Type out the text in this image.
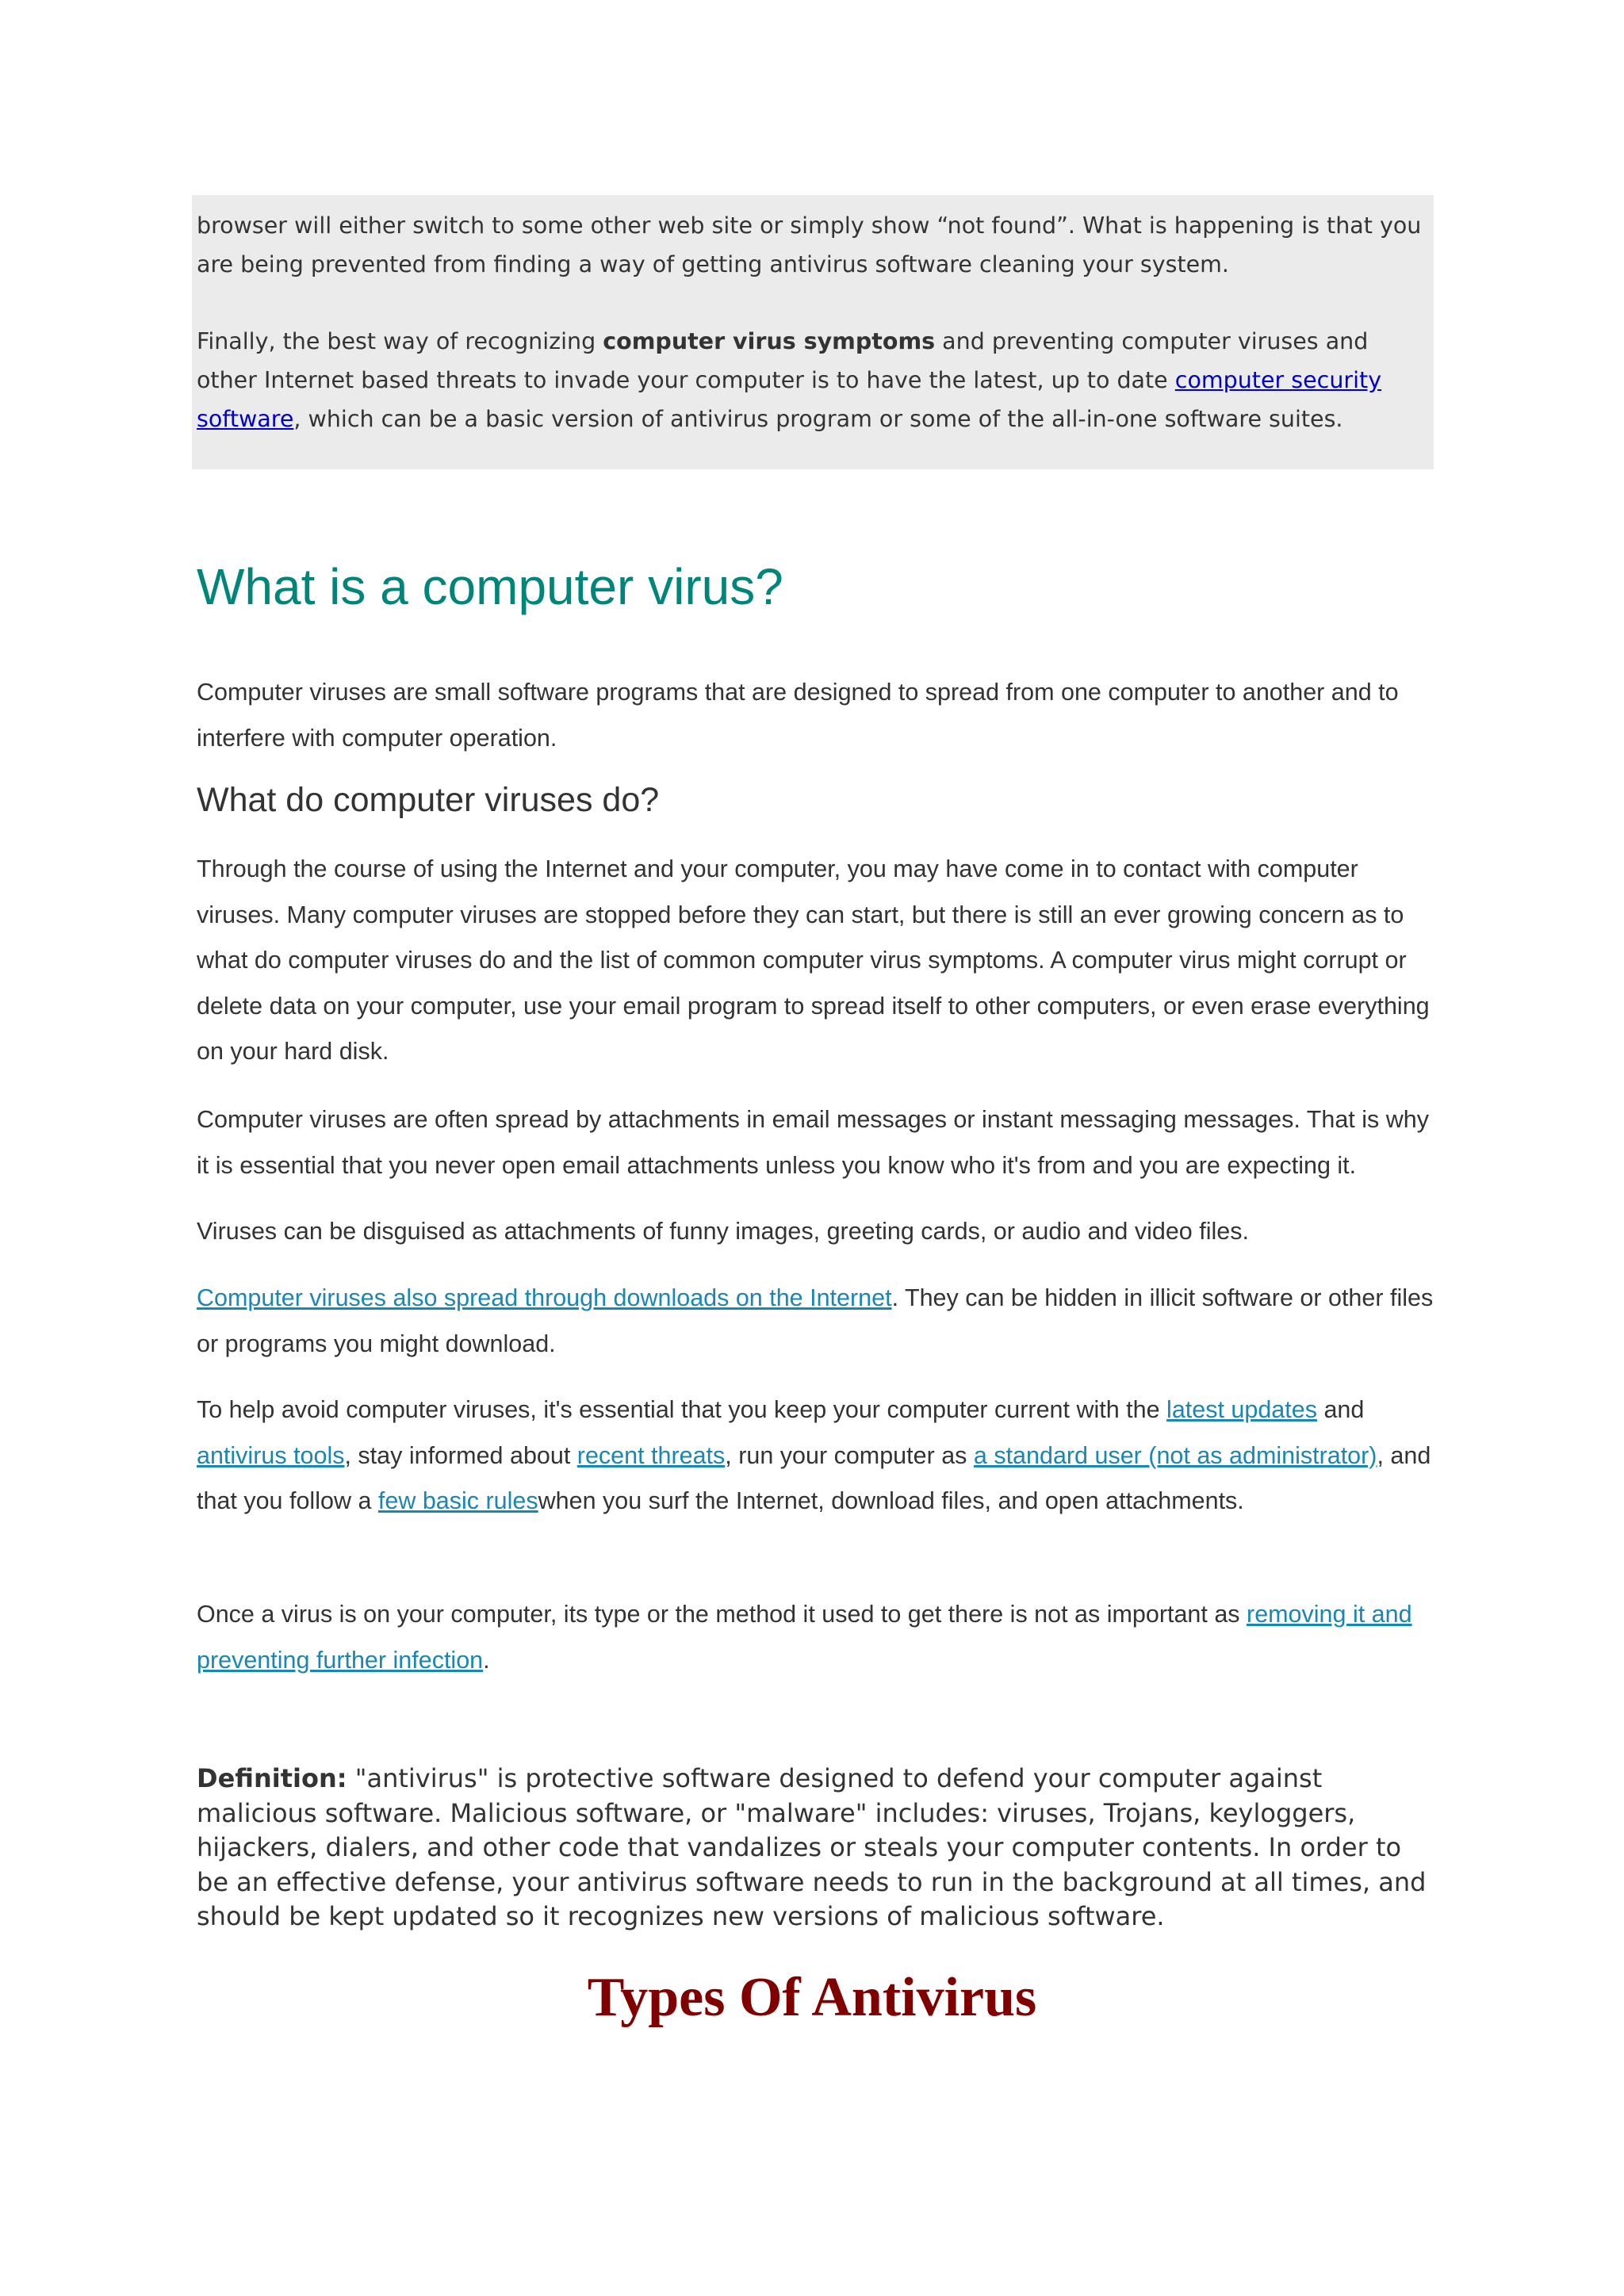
browser will either switch to some other web site or simply show “not found”. What is happening is that you are being prevented from finding a way of getting antivirus software cleaning your system.

Finally, the best way of recognizing computer virus symptoms and preventing computer viruses and other Internet based threats to invade your computer is to have the latest, up to date computer security software, which can be a basic version of antivirus program or some of the all-in-one software suites.

What is a computer virus?

Computer viruses are small software programs that are designed to spread from one computer to another and to interfere with computer operation.

What do computer viruses do?

Through the course of using the Internet and your computer, you may have come in to contact with computer viruses. Many computer viruses are stopped before they can start, but there is still an ever growing concern as to what do computer viruses do and the list of common computer virus symptoms. A computer virus might corrupt or delete data on your computer, use your email program to spread itself to other computers, or even erase everything on your hard disk.

Computer viruses are often spread by attachments in email messages or instant messaging messages. That is why it is essential that you never open email attachments unless you know who it's from and you are expecting it.

Viruses can be disguised as attachments of funny images, greeting cards, or audio and video files.

Computer viruses also spread through downloads on the Internet. They can be hidden in illicit software or other files or programs you might download.

To help avoid computer viruses, it's essential that you keep your computer current with the latest updates and antivirus tools, stay informed about recent threats, run your computer as a standard user (not as administrator), and that you follow a few basic ruleswhen you surf the Internet, download files, and open attachments.

Once a virus is on your computer, its type or the method it used to get there is not as important as removing it and preventing further infection.

Definition: "antivirus" is protective software designed to defend your computer against malicious software. Malicious software, or "malware" includes: viruses, Trojans, keyloggers, hijackers, dialers, and other code that vandalizes or steals your computer contents. In order to be an effective defense, your antivirus software needs to run in the background at all times, and should be kept updated so it recognizes new versions of malicious software.

Types Of Antivirus
